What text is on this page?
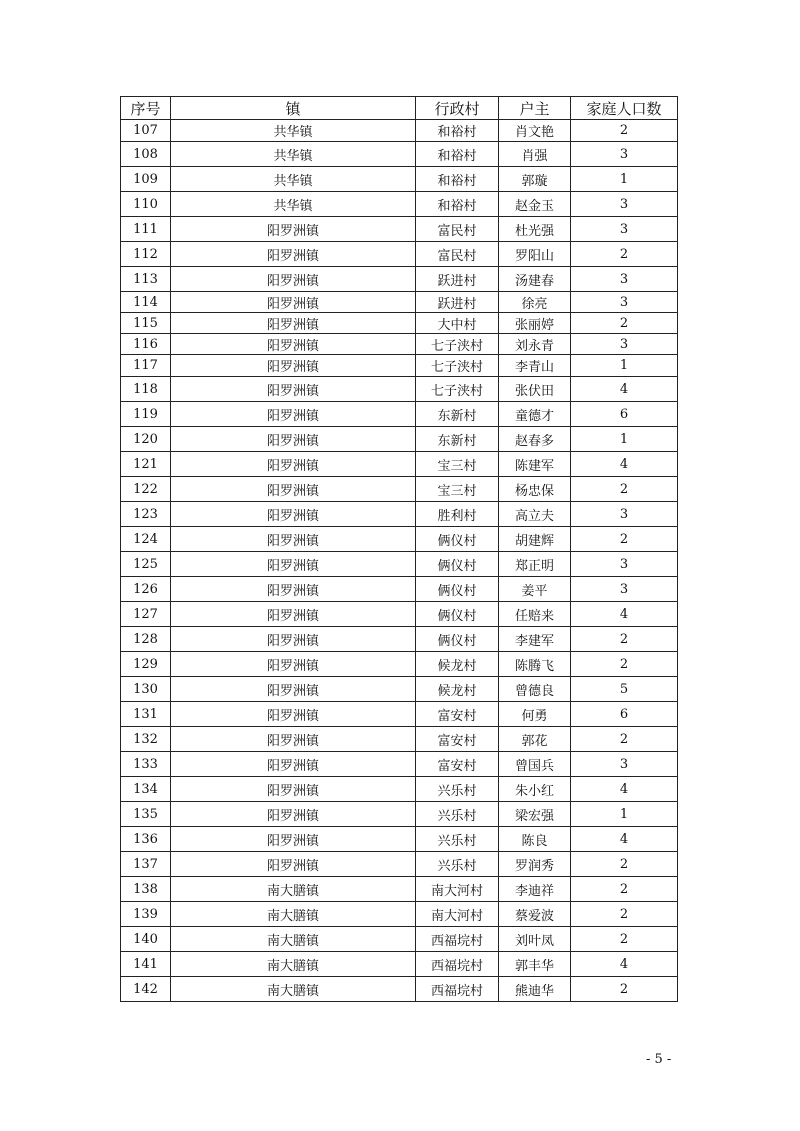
序号	镇	行政村	户主	家庭人口数
107	共华镇	和裕村	肖文艳	2
108	共华镇	和裕村	肖强	3
109	共华镇	和裕村	郭璇	1
110	共华镇	和裕村	赵金玉	3
111	阳罗洲镇	富民村	杜光强	3
112	阳罗洲镇	富民村	罗阳山	2
113	阳罗洲镇	跃进村	汤建春	3
114	阳罗洲镇	跃进村	徐亮	3
115	阳罗洲镇	大中村	张丽婷	2
116	阳罗洲镇	七子浃村	刘永青	3
117	阳罗洲镇	七子浃村	李青山	1
118	阳罗洲镇	七子浃村	张伏田	4
119	阳罗洲镇	东新村	童德才	6
120	阳罗洲镇	东新村	赵春多	1
121	阳罗洲镇	宝三村	陈建军	4
122	阳罗洲镇	宝三村	杨忠保	2
123	阳罗洲镇	胜利村	高立夫	3
124	阳罗洲镇	俩仪村	胡建辉	2
125	阳罗洲镇	俩仪村	郑正明	3
126	阳罗洲镇	俩仪村	姜平	3
127	阳罗洲镇	俩仪村	任赔来	4
128	阳罗洲镇	俩仪村	李建军	2
129	阳罗洲镇	候龙村	陈腾飞	2
130	阳罗洲镇	候龙村	曾德良	5
131	阳罗洲镇	富安村	何勇	6
132	阳罗洲镇	富安村	郭花	2
133	阳罗洲镇	富安村	曾国兵	3
134	阳罗洲镇	兴乐村	朱小红	4
135	阳罗洲镇	兴乐村	梁宏强	1
136	阳罗洲镇	兴乐村	陈良	4
137	阳罗洲镇	兴乐村	罗润秀	2
138	南大膳镇	南大河村	李迪祥	2
139	南大膳镇	南大河村	蔡爱波	2
140	南大膳镇	西福垸村	刘叶凤	2
141	南大膳镇	西福垸村	郭丰华	4
142	南大膳镇	西福垸村	熊迪华	2
- 5 -
